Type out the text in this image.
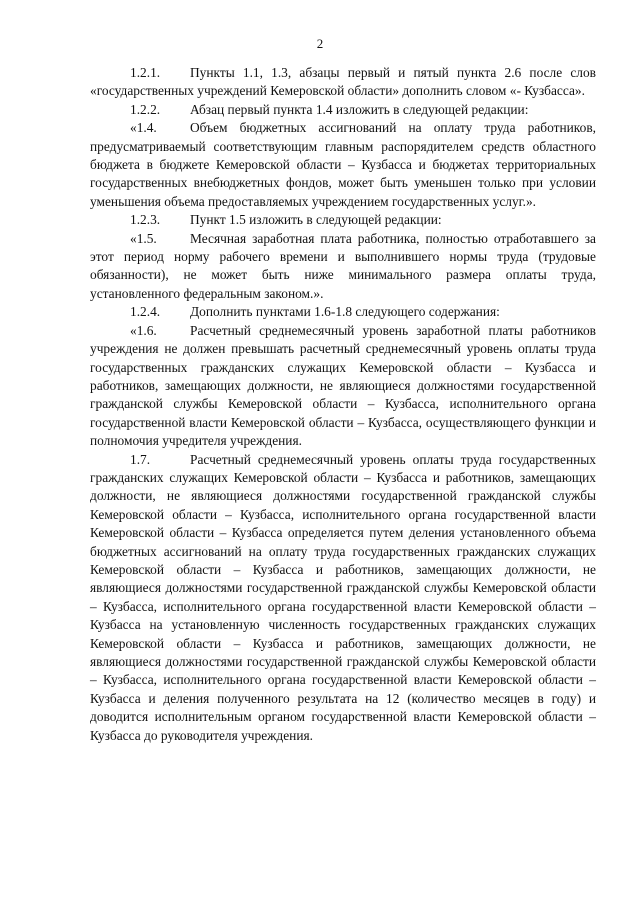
2

1.2.1. Пункты 1.1, 1.3, абзацы первый и пятый пункта 2.6 после слов «государственных учреждений Кемеровской области» дополнить словом «- Кузбасса».

1.2.2. Абзац первый пункта 1.4 изложить в следующей редакции:

«1.4. Объем бюджетных ассигнований на оплату труда работников, предусматриваемый соответствующим главным распорядителем средств областного бюджета в бюджете Кемеровской области – Кузбасса и бюджетах территориальных государственных внебюджетных фондов, может быть уменьшен только при условии уменьшения объема предоставляемых учреждением государственных услуг.».

1.2.3. Пункт 1.5 изложить в следующей редакции:

«1.5. Месячная заработная плата работника, полностью отработавшего за этот период норму рабочего времени и выполнившего нормы труда (трудовые обязанности), не может быть ниже минимального размера оплаты труда, установленного федеральным законом.».

1.2.4. Дополнить пунктами 1.6-1.8 следующего содержания:

«1.6. Расчетный среднемесячный уровень заработной платы работников учреждения не должен превышать расчетный среднемесячный уровень оплаты труда государственных гражданских служащих Кемеровской области – Кузбасса и работников, замещающих должности, не являющиеся должностями государственной гражданской службы Кемеровской области – Кузбасса, исполнительного органа государственной власти Кемеровской области – Кузбасса, осуществляющего функции и полномочия учредителя учреждения.

1.7.	Расчетный среднемесячный уровень оплаты труда государственных гражданских служащих Кемеровской области – Кузбасса и работников, замещающих должности, не являющиеся должностями государственной гражданской службы Кемеровской области – Кузбасса, исполнительного органа государственной власти Кемеровской области – Кузбасса определяется путем деления установленного объема бюджетных ассигнований на оплату труда государственных гражданских служащих Кемеровской области – Кузбасса и работников, замещающих должности, не являющиеся должностями государственной гражданской службы Кемеровской области – Кузбасса, исполнительного органа государственной власти Кемеровской области – Кузбасса на установленную численность государственных гражданских служащих Кемеровской области – Кузбасса и работников, замещающих должности, не являющиеся должностями государственной гражданской службы Кемеровской области – Кузбасса, исполнительного органа государственной власти Кемеровской области – Кузбасса и деления полученного результата на 12 (количество месяцев в году) и доводится исполнительным органом государственной власти Кемеровской области – Кузбасса до руководителя учреждения.
